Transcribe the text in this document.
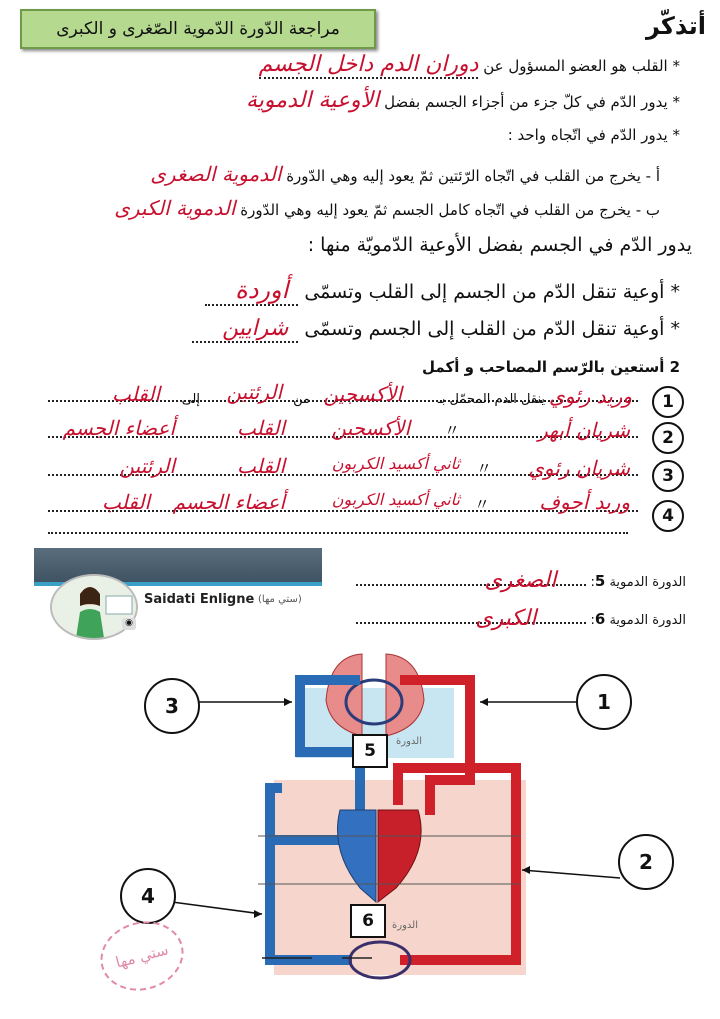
مراجعة الدّورة الدّموية الصّغرى و الكبرى	أتذكّر
* القلب هو العضو المسؤول عن دوران الدم داخل الجسم
* يدور الدّم في كلّ جزء من أجزاء الجسم بفضل الأوعية الدموية
* يدور الدّم في اتّجاه واحد :
أ - يخرج من القلب في اتّجاه الرّئتين ثمّ يعود إليه وهي الدّورة الدموية الصغرى
ب - يخرج من القلب في اتّجاه كامل الجسم ثمّ يعود إليه وهي الدّورة الدموية الكبرى
يدور الدّم في الجسم بفضل الأوعية الدّمويّة منها :
* أوعية تنقل الدّم من الجسم إلى القلب وتسمّى أوردة
* أوعية تنقل الدّم من القلب إلى الجسم وتسمّى شرايين
2 أستعين بالرّسم المصاحب و أكمل
1
2
3
4
وريد رئوي
ينقل الدم المحمّل بـ
الأكسجين
من
الرئتين
إلى
القلب
شريان أبهر
〃
الأكسجين
القلب
أعضاء الجسم
شريان رئوي
〃
ثاني أكسيد الكربون
القلب
الرئتين
وريد أجوف
〃
ثاني أكسيد الكربون
أعضاء الجسم
القلب
◉
Saidati Enligne (ستي مها)
الدورة الدموية 5:
الصغرى
الدورة الدموية 6:
الكبرى
الدورة
الدورة
1
2
3
4
5
6
ستي مها
